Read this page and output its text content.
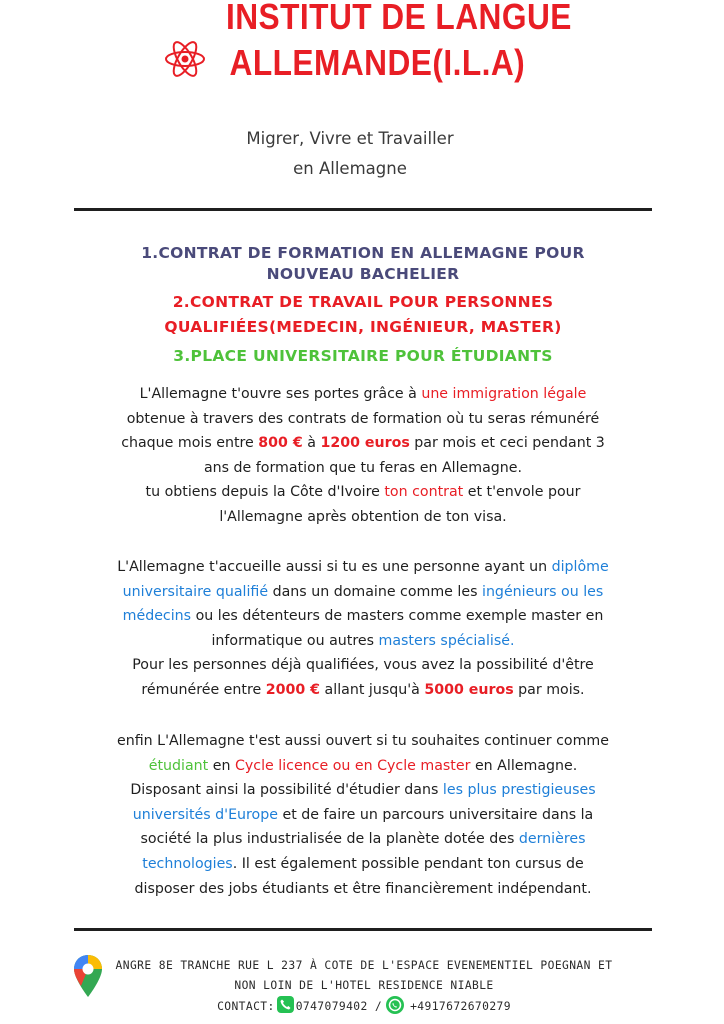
INSTITUT DE LANGUE
ALLEMANDE(I.L.A)
Migrer, Vivre et Travailler
en Allemagne
1.CONTRAT DE FORMATION EN ALLEMAGNE POUR
NOUVEAU BACHELIER
2.CONTRAT DE TRAVAIL POUR PERSONNES
QUALIFIÉES(MEDECIN, INGÉNIEUR, MASTER)
3.PLACE UNIVERSITAIRE POUR ÉTUDIANTS
L'Allemagne t'ouvre ses portes grâce à une immigration légale
obtenue à travers des contrats de formation où tu seras rémunéré
chaque mois entre 800 € à 1200 euros par mois et ceci pendant 3
ans de formation que tu feras en Allemagne.
tu obtiens depuis la Côte d'Ivoire ton contrat et t'envole pour
l'Allemagne après obtention de ton visa.
L'Allemagne t'accueille aussi si tu es une personne ayant un diplôme
universitaire qualifié dans un domaine comme les ingénieurs ou les
médecins ou les détenteurs de masters comme exemple master en
informatique ou autres masters spécialisé.
Pour les personnes déjà qualifiées, vous avez la possibilité d'être
rémunérée entre 2000 € allant jusqu'à 5000 euros par mois.
enfin L'Allemagne t'est aussi ouvert si tu souhaites continuer comme
étudiant en Cycle licence ou en Cycle master en Allemagne.
Disposant ainsi la possibilité d'étudier dans les plus prestigieuses
universités d'Europe et de faire un parcours universitaire dans la
société la plus industrialisée de la planète dotée des dernières
technologies. Il est également possible pendant ton cursus de
disposer des jobs étudiants et être financièrement indépendant.
ANGRE 8E TRANCHE RUE L 237 À COTE DE L'ESPACE EVENEMENTIEL POEGNAN ET
NON LOIN DE L'HOTEL RESIDENCE NIABLE
CONTACT: 0747079402 / +4917672670279
